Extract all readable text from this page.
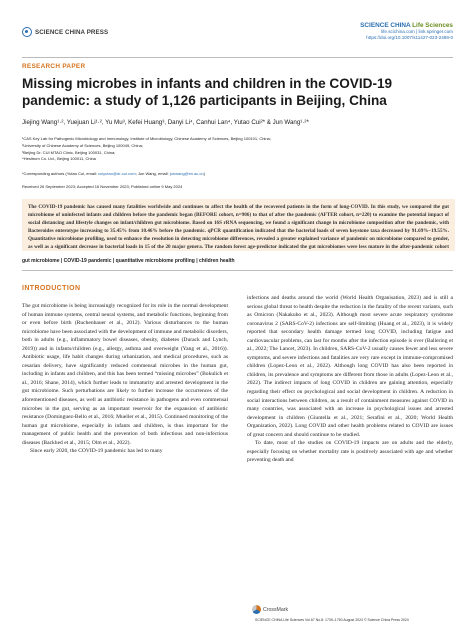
SCIENCE CHINA PRESS
SCIENCE CHINA Life Sciences
life.scichina.com | link.springer.com
https://doi.org/10.1007/s11427-023-2488-0
RESEARCH PAPER
Missing microbes in infants and children in the COVID-19 pandemic: a study of 1,126 participants in Beijing, China
Jiejing Wang¹·², Yuejuan Li¹·², Yu Mu³, Kefei Huang³, Danyi Li⁴, Canhui Lan⁴, Yutao Cui²* & Jun Wang¹·²*
¹CAS Key Lab for Pathogenic Microbiology and Immunology, Institute of Microbiology, Chinese Academy of Sciences, Beijing 100101, China;
²University of Chinese Academy of Sciences, Beijing 100049, China;
³Beijing Dr. CUI MTAO Clinic, Beijing 100031, China;
⁴Hesitrum Co. Ltd., Beijing 100011, China
*Corresponding authors (Yutao Cui, email: cuiyutao@dr-cui.com; Jun Wang, email: junwang@im.ac.cn)
Received 26 September 2023; Accepted 16 November 2023; Published online 9 May 2024
The COVID-19 pandemic has caused many fatalities worldwide and continues to affect the health of the recovered patients in the form of long-COVID. In this study, we compared the gut microbiome of uninfected infants and children before the pandemic began (BEFORE cohort, n=906) to that of after the pandemic (AFTER cohort, n=220) to examine the potential impact of social distancing and lifestyle changes on infant/children gut microbiome. Based on 16S rRNA sequencing, we found a significant change in microbiome composition after the pandemic, with Bacteroides enterotype increasing to 35.45% from 10.46% before the pandemic. qPCR quantification indicated that the bacterial loads of seven keystone taxa decreased by 91.69%–19.55%. Quantitative microbiome profiling, used to enhance the resolution in detecting microbiome differences, revealed a greater explained variance of pandemic on microbiome compared to gender, as well as a significant decrease in bacterial loads in 15 of the 20 major genera. The random forest age-predictor indicated the gut microbiomes were less mature in the after-pandemic cohort
gut microbiome | COVID-19 pandemic | quantitative microbiome profiling | children health
INTRODUCTION

The gut microbiome is being increasingly recognized for its role in the normal development of human immune systems, central neural systems, and metabolic functions, beginning from or even before birth (Ruchenbauer et al., 2012). Various disturbances to the human microbiome have been associated with the development of immune and metabolic disorders, both in adults (e.g., inflammatory bowel diseases, obesity, diabetes (Durack and Lynch, 2019)) and in infants/children (e.g., allergy, asthma and overweight (Yang et al., 2016)). Antibiotic usage, life habit changes during urbanization, and medical procedures, such as cesarian delivery, have significantly reduced commensal microbes in the human gut, including in infants and children, and this has been termed “missing microbes” (Bokulich et al., 2016; Shane, 2014), which further leads to immaturity and arrested development in the gut microbiome. Such perturbations are likely to further increase the occurrences of the aforementioned diseases, as well as antibiotic resistance in pathogens and even commensal microbes in the gut, serving as an important reservoir for the expansion of antibiotic resistance (Dominguez-Bello et al., 2016; Mueller et al., 2015). Continued monitoring of the human gut microbiome, especially in infants and children, is thus important for the management of public health and the prevention of both infectious and non-infectious diseases (Backhed et al., 2015; Olm et al., 2022).

Since early 2020, the COVID-19 pandemic has led to many

infections and deaths around the world (World Health Organisation, 2023) and is still a serious global threat to health despite the reduction in the fatality of the recent variants, such as Omicron (Nakakubo et al., 2023). Although most severe acute respiratory syndrome coronavirus 2 (SARS-CoV-2) infections are self-limiting (Huang et al., 2023), it is widely reported that secondary health damage termed long COVID, including fatigue and cardiovascular problems, can last for months after the infection episode is over (Ballering et al., 2022; The Lancet, 2023). In children, SARS-CoV-2 usually causes fewer and less severe symptoms, and severe infections and fatalities are very rare except in immune-compromised children (Lopez-Leon et al., 2022). Although long COVID has also been reported in children, its prevalence and symptoms are different from those in adults (Lopez-Leon et al., 2022). The indirect impacts of long COVID in children are gaining attention, especially regarding their effect on psychological and social development in children. A reduction in social interactions between children, as a result of containment measures against COVID in many countries, was associated with an increase in psychological issues and arrested development in children (Giuntella et al., 2021; Serafini et al., 2020; World Health Organization, 2022). Long COVID and other health problems related to COVID are issues of great concern and should continue to be studied.

To date, most of the studies on COVID-19 impacts are on adults and the elderly, especially focusing on whether mortality rate is positively associated with age and whether preventing death and

CrossMark
SCIENCE CHINA Life Sciences Vol.67 No.8: 1739–1750 August 2024 © Science China Press 2024
